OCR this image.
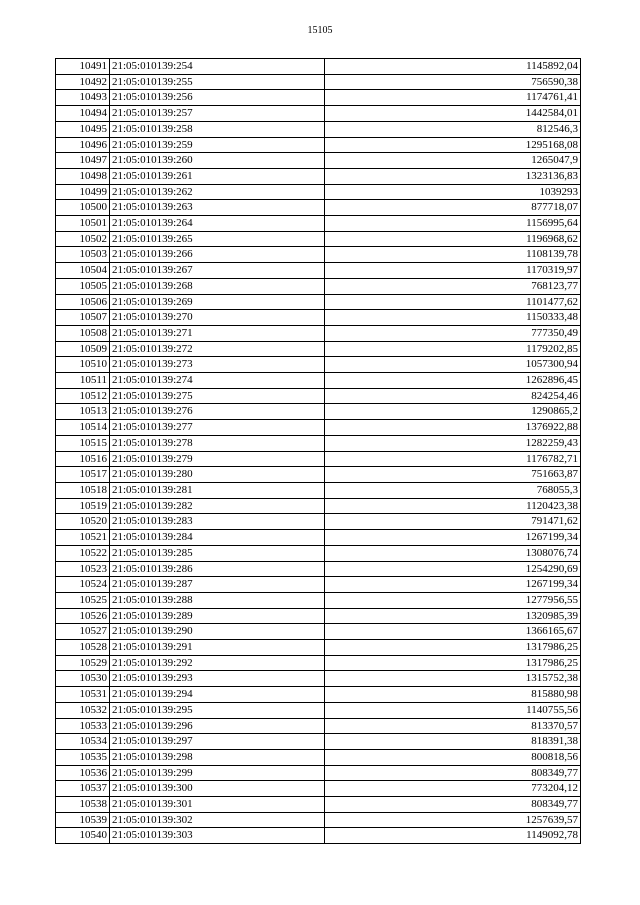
15105
10491	21:05:010139:254	1145892,04
10492	21:05:010139:255	756590,38
10493	21:05:010139:256	1174761,41
10494	21:05:010139:257	1442584,01
10495	21:05:010139:258	812546,3
10496	21:05:010139:259	1295168,08
10497	21:05:010139:260	1265047,9
10498	21:05:010139:261	1323136,83
10499	21:05:010139:262	1039293
10500	21:05:010139:263	877718,07
10501	21:05:010139:264	1156995,64
10502	21:05:010139:265	1196968,62
10503	21:05:010139:266	1108139,78
10504	21:05:010139:267	1170319,97
10505	21:05:010139:268	768123,77
10506	21:05:010139:269	1101477,62
10507	21:05:010139:270	1150333,48
10508	21:05:010139:271	777350,49
10509	21:05:010139:272	1179202,85
10510	21:05:010139:273	1057300,94
10511	21:05:010139:274	1262896,45
10512	21:05:010139:275	824254,46
10513	21:05:010139:276	1290865,2
10514	21:05:010139:277	1376922,88
10515	21:05:010139:278	1282259,43
10516	21:05:010139:279	1176782,71
10517	21:05:010139:280	751663,87
10518	21:05:010139:281	768055,3
10519	21:05:010139:282	1120423,38
10520	21:05:010139:283	791471,62
10521	21:05:010139:284	1267199,34
10522	21:05:010139:285	1308076,74
10523	21:05:010139:286	1254290,69
10524	21:05:010139:287	1267199,34
10525	21:05:010139:288	1277956,55
10526	21:05:010139:289	1320985,39
10527	21:05:010139:290	1366165,67
10528	21:05:010139:291	1317986,25
10529	21:05:010139:292	1317986,25
10530	21:05:010139:293	1315752,38
10531	21:05:010139:294	815880,98
10532	21:05:010139:295	1140755,56
10533	21:05:010139:296	813370,57
10534	21:05:010139:297	818391,38
10535	21:05:010139:298	800818,56
10536	21:05:010139:299	808349,77
10537	21:05:010139:300	773204,12
10538	21:05:010139:301	808349,77
10539	21:05:010139:302	1257639,57
10540	21:05:010139:303	1149092,78
